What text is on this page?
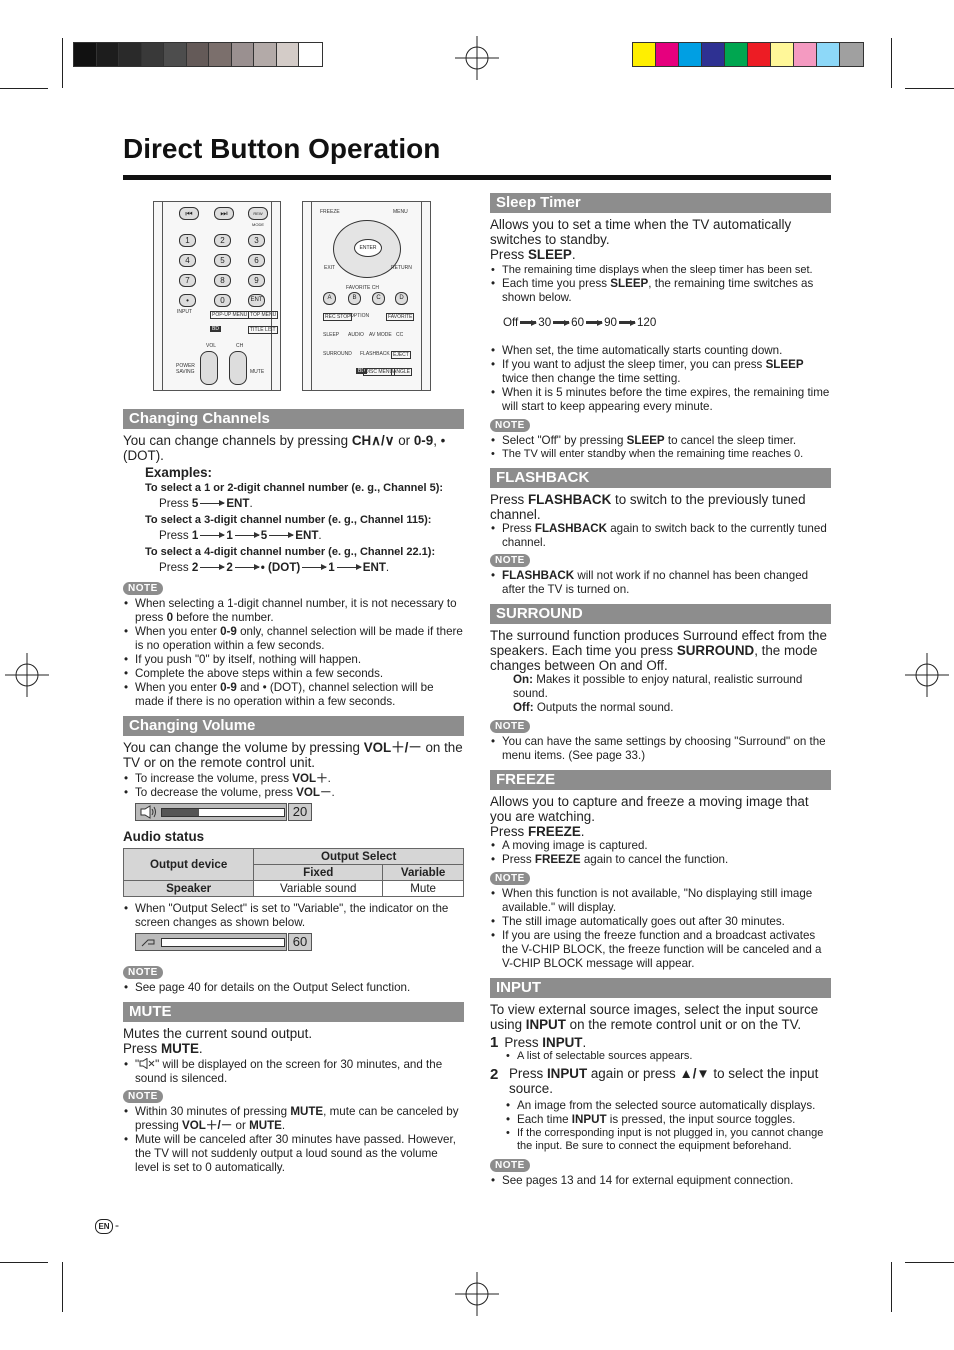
Direct Button Operation
⏮	⏭	REW MODE
1	2	3
4	5	6
7	8	9
•	0	ENT
INPUT	POP-UP MENU TOP MENU
BD	TITLE LIST
VOL	CH
POWER SAVING	MUTE
FREEZE	MENU
ENTER
EXIT	RETURN
FAVORITE CH
A	B	C	D
REC STOP OPTION	FAVORITE
SLEEP AUDIO AV MODE CC
SURROUND FLASHBACK EJECT
BD DISC MENU ANGLE
Changing Channels

You can change channels by pressing CH∧/∨ or 0-9, • (DOT).

Examples:

To select a 1 or 2-digit channel number (e. g., Channel 5):

Press 5 ENT.

To select a 3-digit channel number (e. g., Channel 115):

Press 1 1 5 ENT.

To select a 4-digit channel number (e. g., Channel 22.1):

Press 2 2 • (DOT) 1 ENT.

NOTE

• When selecting a 1-digit channel number, it is not necessary to press 0 before the number.

• When you enter 0-9 only, channel selection will be made if there is no operation within a few seconds.

• If you push "0" by itself, nothing will happen.

• Complete the above steps within a few seconds.

• When you enter 0-9 and • (DOT), channel selection will be made if there is no operation within a few seconds.

Changing Volume

You can change the volume by pressing VOL＋/－ on the TV or on the remote control unit.

• To increase the volume, press VOL＋.

• To decrease the volume, press VOL－.

20

Audio status

Output device	Output Select	
	Fixed	Variable
Speaker	Variable sound	Mute

• When "Output Select" is set to "Variable", the indicator on the screen changes as shown below.

60
NOTE

• See page 40 for details on the Output Select function.

MUTE

Mutes the current sound output.

Press MUTE.

• " " will be displayed on the screen for 30 minutes, and the sound is silenced.

NOTE

• Within 30 minutes of pressing MUTE, mute can be canceled by pressing VOL＋/－ or MUTE.

• Mute will be canceled after 30 minutes have passed. However, the TV will not suddenly output a loud sound as the volume level is set to 0 automatically.

Sleep Timer

Allows you to set a time when the TV automatically switches to standby.

Press SLEEP.

• The remaining time displays when the sleep timer has been set.

• Each time you press SLEEP, the remaining time switches as shown below.

Off 30 60 90 120

• When set, the time automatically starts counting down.

• If you want to adjust the sleep timer, you can press SLEEP twice then change the time setting.

• When it is 5 minutes before the time expires, the remaining time will start to keep appearing every minute.

NOTE

• Select "Off" by pressing SLEEP to cancel the sleep timer.

• The TV will enter standby when the remaining time reaches 0.

FLASHBACK

Press FLASHBACK to switch to the previously tuned channel.

• Press FLASHBACK again to switch back to the currently tuned channel.

NOTE

• FLASHBACK will not work if no channel has been changed after the TV is turned on.

SURROUND

The surround function produces Surround effect from the speakers. Each time you press SURROUND, the mode changes between On and Off.

On: Makes it possible to enjoy natural, realistic surround sound.

Off: Outputs the normal sound.

NOTE

• You can have the same settings by choosing "Surround" on the menu items. (See page 33.)

FREEZE

Allows you to capture and freeze a moving image that you are watching.

Press FREEZE.

• A moving image is captured.

• Press FREEZE again to cancel the function.

NOTE

• When this function is not available, "No displaying still image available." will display.

• The still image automatically goes out after 30 minutes.

• If you are using the freeze function and a broadcast activates the V-CHIP BLOCK, the freeze function will be canceled and a V-CHIP BLOCK message will appear.

INPUT

To view external source images, select the input source using INPUT on the remote control unit or on the TV.

1 Press INPUT.

• A list of selectable sources appears.

2 Press INPUT again or press ▲/▼ to select the input source.

• An image from the selected source automatically displays.

• Each time INPUT is pressed, the input source toggles.

• If the corresponding input is not plugged in, you cannot change the input. Be sure to connect the equipment beforehand.

NOTE

• See pages 13 and 14 for external equipment connection.

EN -
